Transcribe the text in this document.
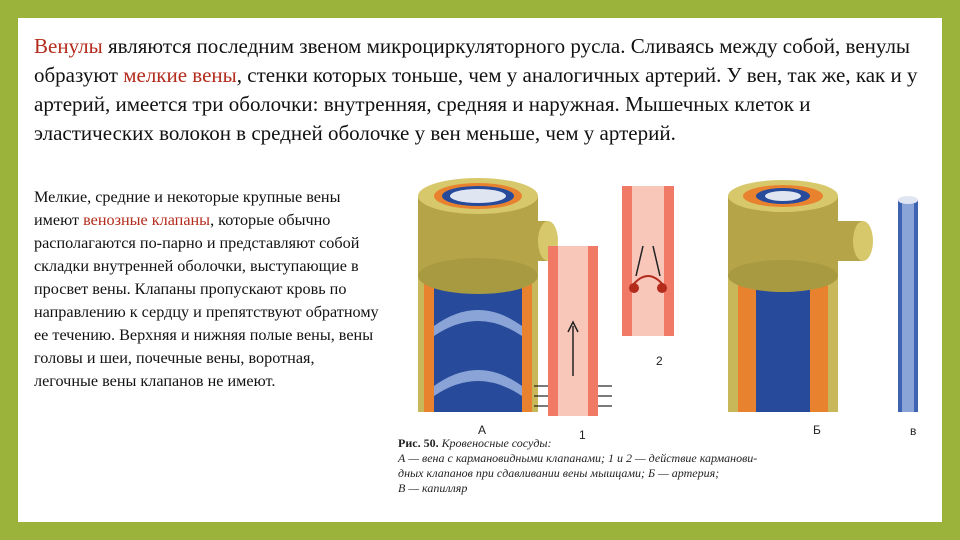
Венулы являются последним звеном микроциркуляторного русла. Сливаясь между собой, венулы образуют мелкие вены, стенки которых тоньше, чем у аналогичных артерий. У вен, так же, как и у артерий, имеется три оболочки: внутренняя, средняя и наружная. Мышечных клеток и эластических волокон в средней оболочке у вен меньше, чем у артерий.

Мелкие, средние и некоторые крупные вены имеют венозные клапаны, которые обычно располагаются по-парно и представляют собой складки внутренней оболочки, выступающие в просвет вены. Клапаны пропускают кровь по направлению к сердцу и препятствуют обратному ее течению. Верхняя и нижняя полые вены, вены головы и шеи, почечные вены, воротная, легочные вены клапанов не имеют.

А	1
2
Б	в
Рис. 50. Кровеносные сосуды:
А — вена с кармановидными клапанами; 1 и 2 — действие карманови-
дных клапанов при сдавливании вены мышцами; Б — артерия;
В — капилляр
